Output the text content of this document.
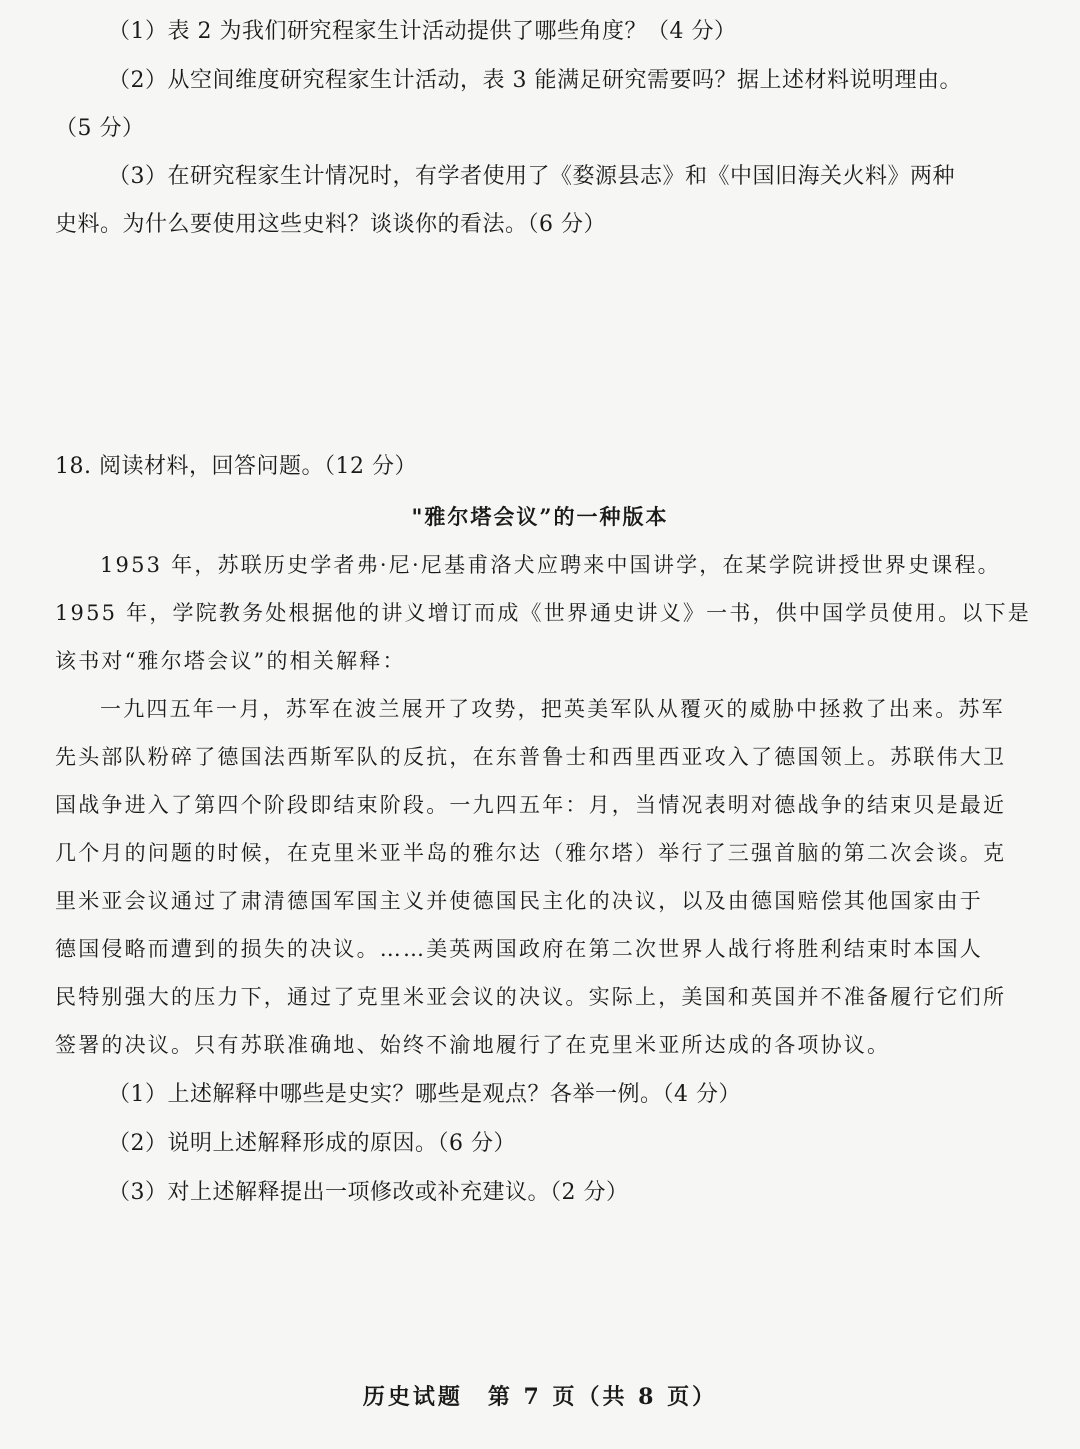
（1）表 2 为我们研究程家生计活动提供了哪些角度？（4 分）
（2）从空间维度研究程家生计活动，表 3 能满足研究需要吗？据上述材料说明理由。
（5 分）
（3）在研究程家生计情况时，有学者使用了《婺源县志》和《中国旧海关火料》两种
史料。为什么要使用这些史料？谈谈你的看法。（6 分）
18. 阅读材料，回答问题。（12 分）
"雅尔塔会议”的一种版本
1953 年，苏联历史学者弗·尼·尼基甫洛犬应聘来中国讲学，在某学院讲授世界史课程。
1955 年，学院教务处根据他的讲义增订而成《世界通史讲义》一书，供中国学员使用。以下是
该书对“雅尔塔会议”的相关解释：
一九四五年一月，苏军在波兰展开了攻势，把英美军队从覆灭的威胁中拯救了出来。苏军
先头部队粉碎了德国法西斯军队的反抗，在东普鲁士和西里西亚攻入了德国领上。苏联伟大卫
国战争进入了第四个阶段即结束阶段。一九四五年：月，当情况表明对德战争的结束贝是最近
几个月的问题的时候，在克里米亚半岛的雅尔达（雅尔塔）举行了三强首脑的第二次会谈。克
里米亚会议通过了肃清德国军国主义并使德国民主化的决议，以及由德国赔偿其他国家由于
德国侵略而遭到的损失的决议。……美英两国政府在第二次世界人战行将胜利结束时本国人
民特别强大的压力下，通过了克里米亚会议的决议。实际上，美国和英国并不准备履行它们所
签署的决议。只有苏联准确地、始终不渝地履行了在克里米亚所达成的各项协议。
（1）上述解释中哪些是史实？哪些是观点？各举一例。（4 分）
（2）说明上述解释形成的原因。（6 分）
（3）对上述解释提出一项修改或补充建议。（2 分）
历史试题　第 7 页（共 8 页）
